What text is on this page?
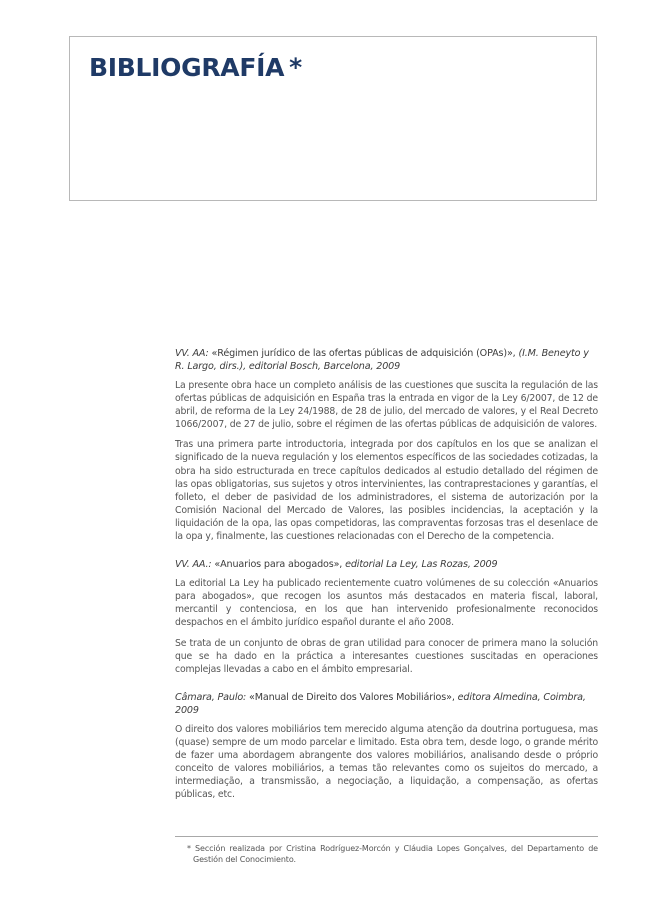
BIBLIOGRAFÍA *

VV. AA: «Régimen jurídico de las ofertas públicas de adquisición (OPAs)», (I.M. Beneyto y R. Largo, dirs.), editorial Bosch, Barcelona, 2009

La presente obra hace un completo análisis de las cuestiones que suscita la regulación de las ofertas públicas de adquisición en España tras la entrada en vigor de la Ley 6/2007, de 12 de abril, de reforma de la Ley 24/1988, de 28 de julio, del mercado de valores, y el Real Decreto 1066/2007, de 27 de julio, sobre el régimen de las ofertas públicas de adquisición de valores.

Tras una primera parte introductoria, integrada por dos capítulos en los que se analizan el significado de la nueva regulación y los elementos específicos de las sociedades cotizadas, la obra ha sido estructurada en trece capítulos dedicados al estudio detallado del régimen de las opas obligatorias, sus sujetos y otros intervinientes, las contraprestaciones y garantías, el folleto, el deber de pasividad de los administradores, el sistema de autorización por la Comisión Nacional del Mercado de Valores, las posibles incidencias, la aceptación y la liquidación de la opa, las opas competidoras, las compraventas forzosas tras el desenlace de la opa y, finalmente, las cuestiones relacionadas con el Derecho de la competencia.

VV. AA.: «Anuarios para abogados», editorial La Ley, Las Rozas, 2009

La editorial La Ley ha publicado recientemente cuatro volúmenes de su colección «Anuarios para abogados», que recogen los asuntos más destacados en materia fiscal, laboral, mercantil y contenciosa, en los que han intervenido profesionalmente reconocidos despachos en el ámbito jurídico español durante el año 2008.

Se trata de un conjunto de obras de gran utilidad para conocer de primera mano la solución que se ha dado en la práctica a interesantes cuestiones suscitadas en operaciones complejas llevadas a cabo en el ámbito empresarial.

Câmara, Paulo: «Manual de Direito dos Valores Mobiliários», editora Almedina, Coimbra, 2009

O direito dos valores mobiliários tem merecido alguma atenção da doutrina portuguesa, mas (quase) sempre de um modo parcelar e limitado. Esta obra tem, desde logo, o grande mérito de fazer uma abordagem abrangente dos valores mobiliários, analisando desde o próprio conceito de valores mobiliários, a temas tão relevantes como os sujeitos do mercado, a intermediação, a transmissão, a negociação, a liquidação, a compensação, as ofertas públicas, etc.

* Sección realizada por Cristina Rodríguez-Morcón y Cláudia Lopes Gonçalves, del Departamento de Gestión del Conocimiento.
